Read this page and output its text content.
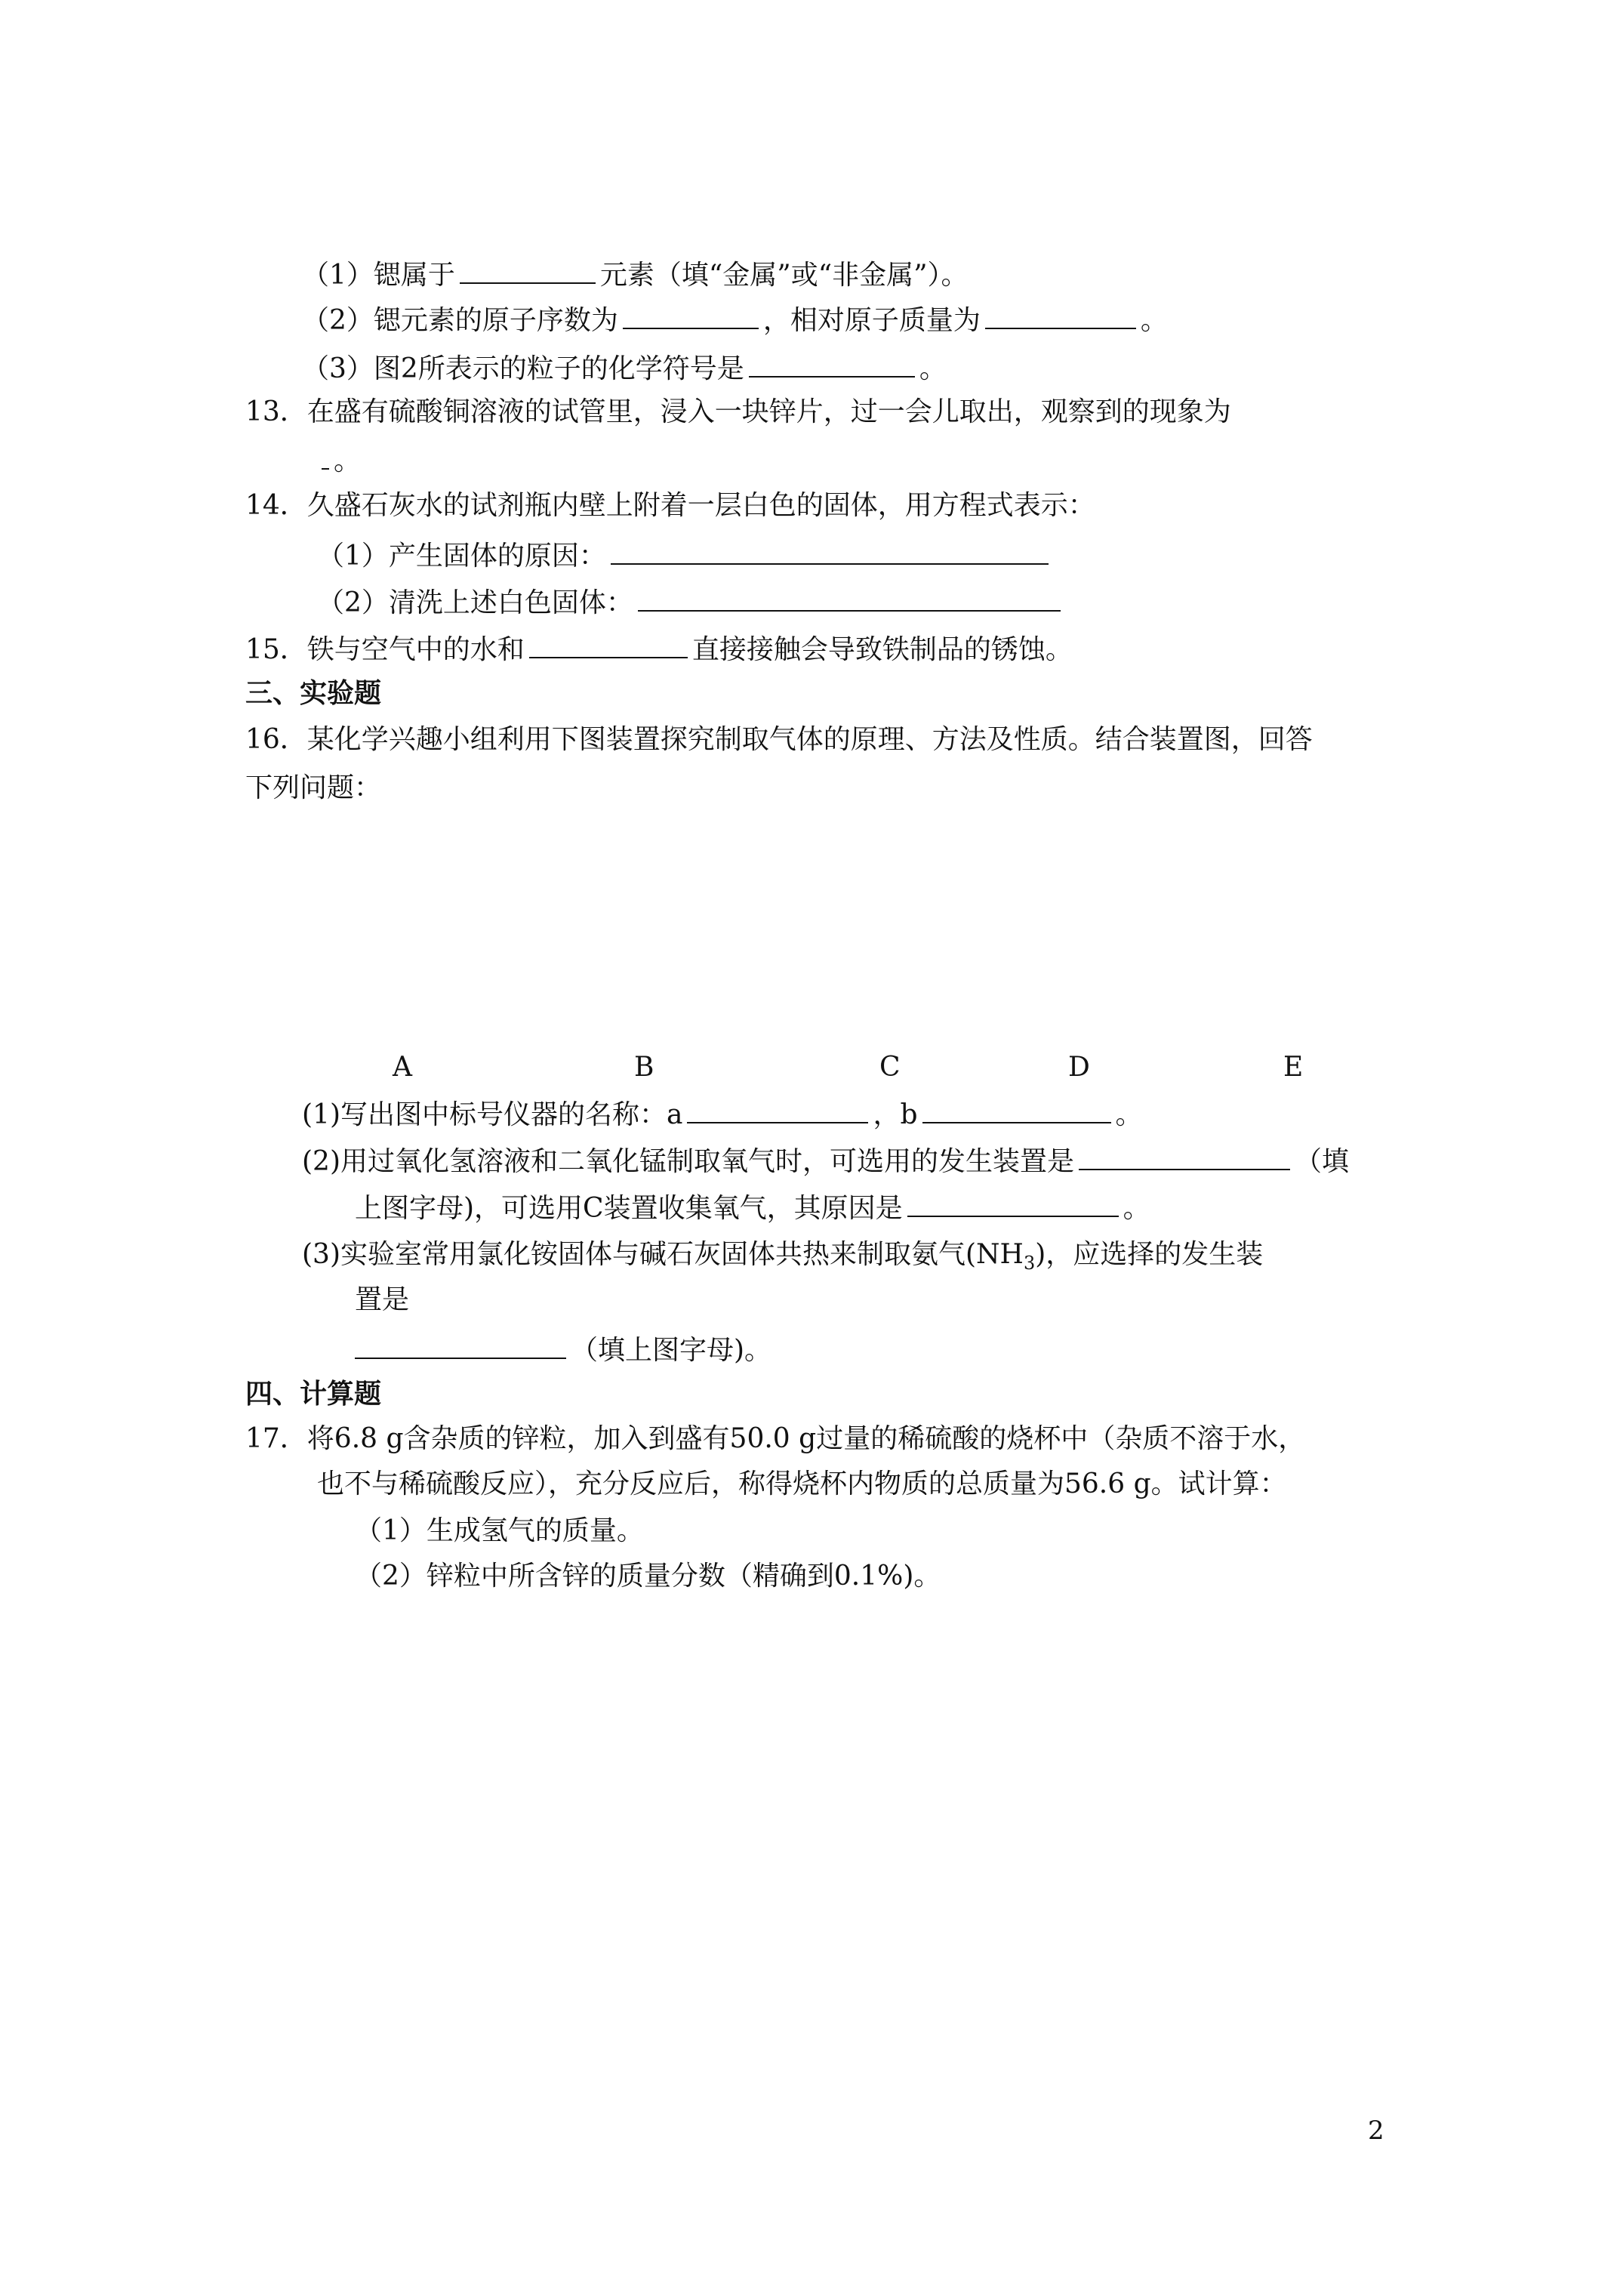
（1）锶属于	元素（填“金属”或“非金属”）。
（2）锶元素的原子序数为	，相对原子质量为	。
（3）图2所表示的粒子的化学符号是	。
13．在盛有硫酸铜溶液的试管里，浸入一块锌片，过一会儿取出，观察到的现象为
。
14．久盛石灰水的试剂瓶内壁上附着一层白色的固体，用方程式表示：
（1）产生固体的原因：
（2）清洗上述白色固体：
15．铁与空气中的水和	直接接触会导致铁制品的锈蚀。
三、实验题
16．某化学兴趣小组利用下图装置探究制取气体的原理、方法及性质。结合装置图，回答
下列问题：
A	B	C	D	E
(1)写出图中标号仪器的名称：a	，b	。
(2)用过氧化氢溶液和二氧化锰制取氧气时，可选用的发生装置是	（填
上图字母)，可选用C装置收集氧气，其原因是	。
(3)实验室常用氯化铵固体与碱石灰固体共热来制取氨气$(NH_3)$，应选择的发生装
置是
（填上图字母)。
四、计算题
17．将6.8 g含杂质的锌粒，加入到盛有50.0 g过量的稀硫酸的烧杯中（杂质不溶于水，
也不与稀硫酸反应），充分反应后，称得烧杯内物质的总质量为56.6 g。试计算：
（1）生成氢气的质量。
（2）锌粒中所含锌的质量分数（精确到0.1%)。
2
